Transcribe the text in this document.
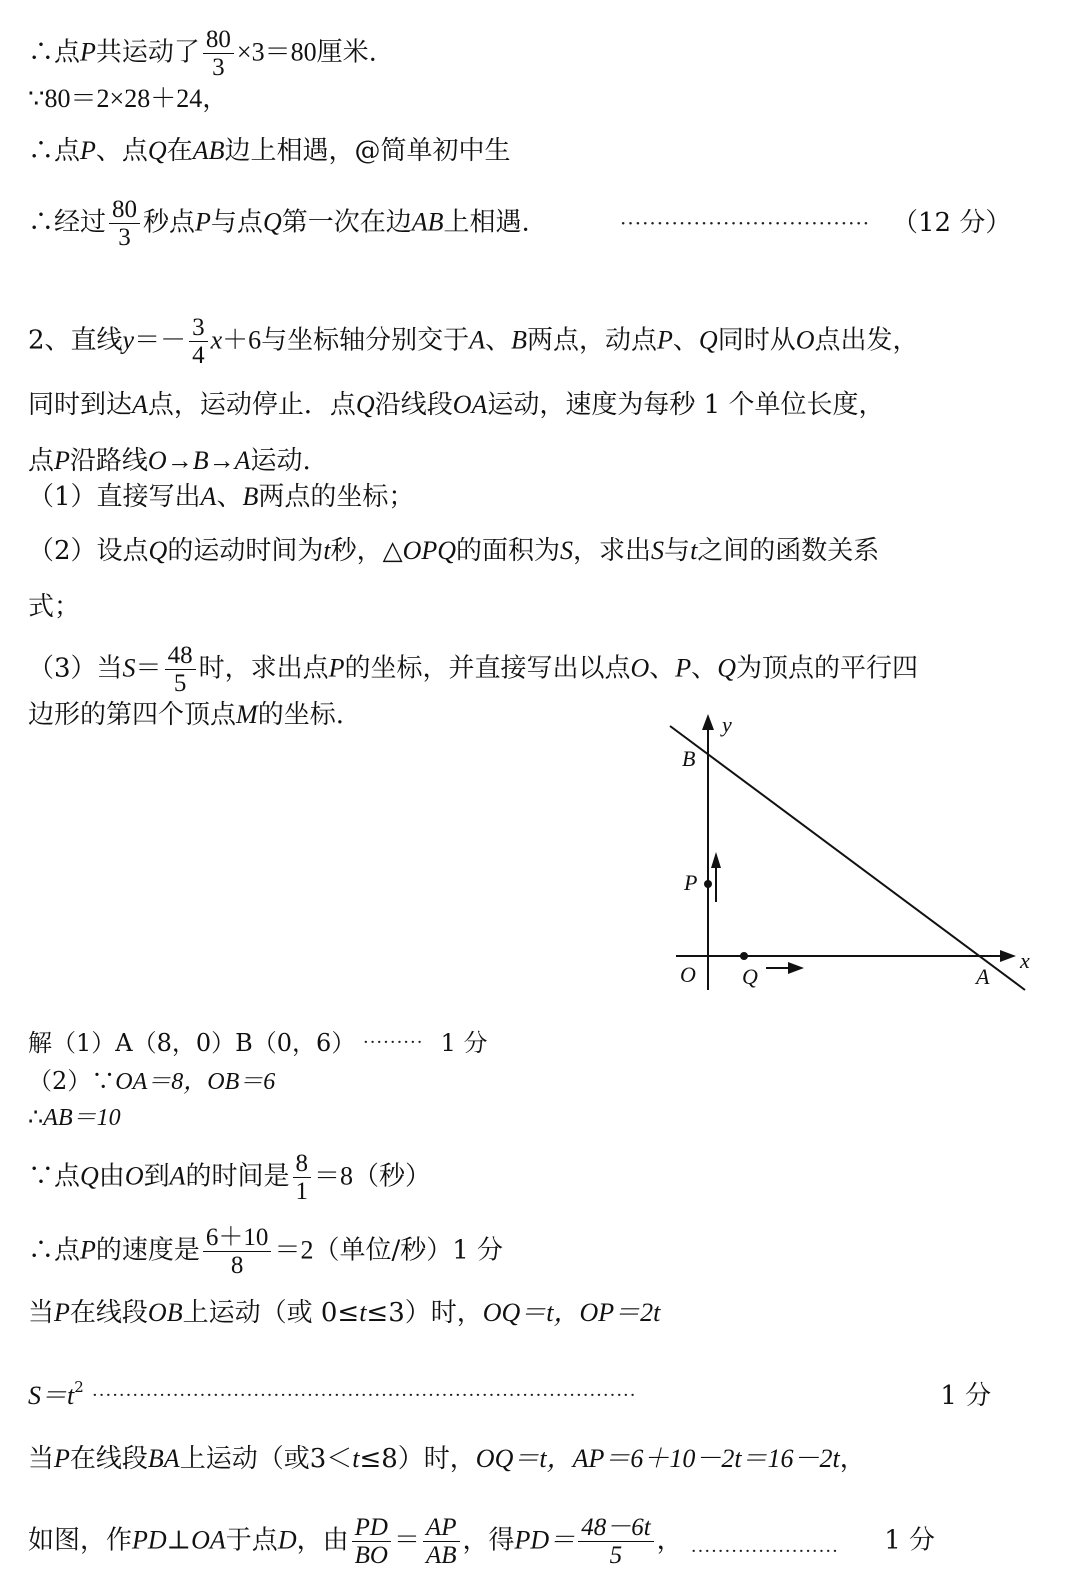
∴点P共运动了 $\frac{80}{3} \times 3=80$厘米.
∵80＝2×28＋24，
∴点P、点Q在AB边上相遇，@简单初中生
∴经过 $\frac{80}{3}$ 秒点P与点Q第一次在边AB上相遇.	·································· （12 分）
2、直线$y=- \frac{3}{4} x+6$与坐标轴分别交于A、B两点，动点P、Q同时从O点出发，
同时到达A点，运动停止．点Q沿线段OA运动，速度为每秒 1 个单位长度，
点P沿路线O→B→A运动.
（1）直接写出A、B两点的坐标；
（2）设点Q的运动时间为t秒，△OPQ的面积为S，求出S与t之间的函数关系
式；
（3）当$S= \frac{48}{5}$ 时，求出点P的坐标，并直接写出以点O、P、Q为顶点的平行四
边形的第四个顶点M的坐标.	y
B
P
O Q	A
x
解（1）A（8，0）B（0，6） ········· 1 分
（2）∵OA＝8，OB＝6
∴AB＝10
∵点Q由O到A的时间是 $\frac{8}{1} =8$（秒）
∴点P的速度是 $\frac{6+10}{8} =2$（单位/秒）1 分
当P在线段OB上运动（或 0≤t≤3）时，OQ＝t，OP＝2t
$S=t^2$ ·················································································	1 分
当P在线段BA上运动（或3＜t≤8）时，OQ＝t，AP＝6＋10－2t＝16－2t，
如图，作PD⊥OA于点D，由 $\frac{PD}{BO} = \frac{AP}{AB}$ ，得$PD= \frac{48-6t}{5}$ ， ······················ 1 分
